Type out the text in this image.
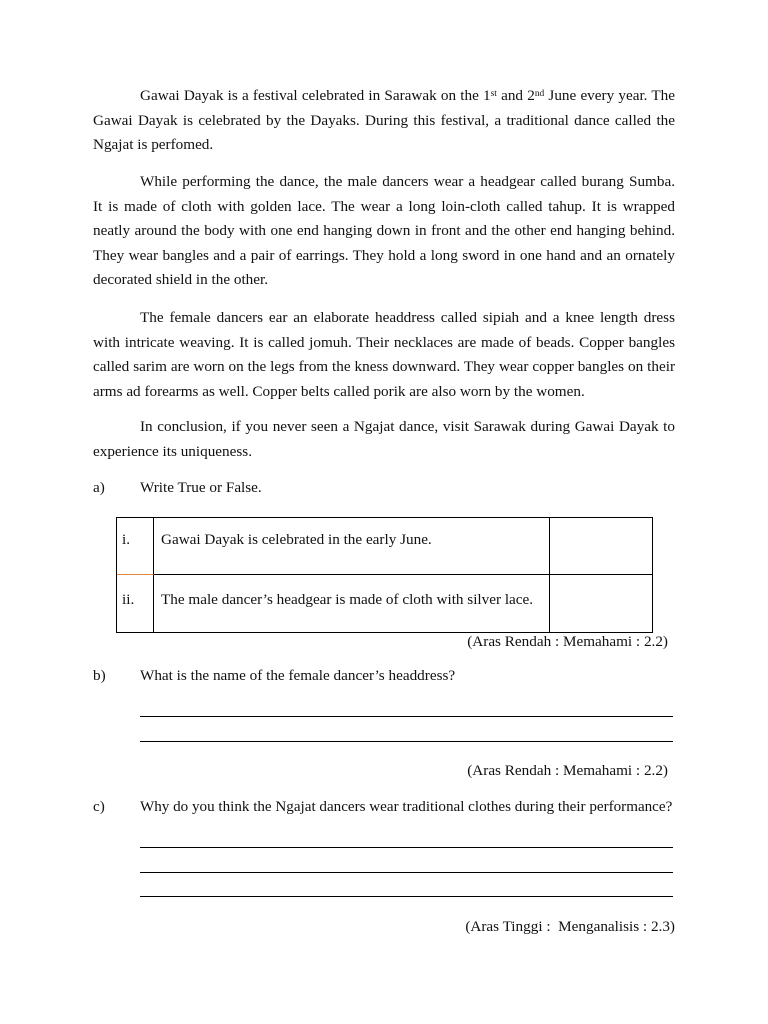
Gawai Dayak is a festival celebrated in Sarawak on the 1st and 2nd June every year. The
Gawai Dayak is celebrated by the Dayaks. During this festival, a traditional dance called the
Ngajat is perfomed.
While performing the dance, the male dancers wear a headgear called burang Sumba.
It is made of cloth with golden lace. The wear a long loin-cloth called tahup. It is wrapped
neatly around the body with one end hanging down in front and the other end hanging behind.
They wear bangles and a pair of earrings. They hold a long sword in one hand and an ornately
decorated shield in the other.
The female dancers ear an elaborate headdress called sipiah and a knee length dress
with intricate weaving. It is called jomuh. Their necklaces are made of beads. Copper bangles
called sarim are worn on the legs from the kness downward. They wear copper bangles on their
arms ad forearms as well. Copper belts called porik are also worn by the women.
In conclusion, if you never seen a Ngajat dance, visit Sarawak during Gawai Dayak to
experience its uniqueness.
a) Write True or False.
i.	Gawai Dayak is celebrated in the early June.
ii.	The male dancer’s headgear is made of cloth with silver lace.
(Aras Rendah : Memahami : 2.2)
b) What is the name of the female dancer’s headdress?
(Aras Rendah : Memahami : 2.2)
c) Why do you think the Ngajat dancers wear traditional clothes during their performance?
(Aras Tinggi :  Menganalisis : 2.3)
